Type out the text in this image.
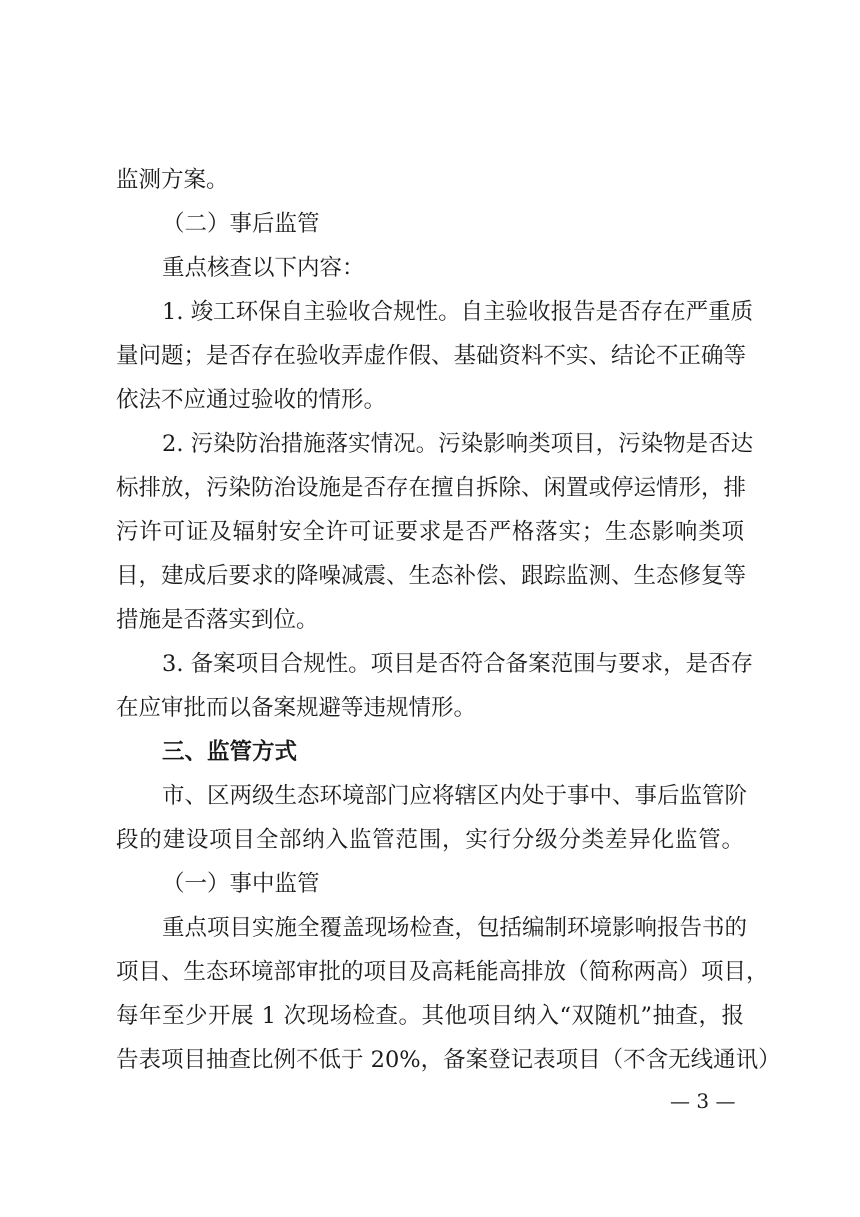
监测方案。
（二）事后监管
重点核查以下内容：
1. 竣工环保自主验收合规性。自主验收报告是否存在严重质
量问题；是否存在验收弄虚作假、基础资料不实、结论不正确等
依法不应通过验收的情形。
2. 污染防治措施落实情况。污染影响类项目，污染物是否达
标排放，污染防治设施是否存在擅自拆除、闲置或停运情形，排
污许可证及辐射安全许可证要求是否严格落实；生态影响类项
目，建成后要求的降噪减震、生态补偿、跟踪监测、生态修复等
措施是否落实到位。
3. 备案项目合规性。项目是否符合备案范围与要求，是否存
在应审批而以备案规避等违规情形。
三、监管方式
市、区两级生态环境部门应将辖区内处于事中、事后监管阶
段的建设项目全部纳入监管范围，实行分级分类差异化监管。
（一）事中监管
重点项目实施全覆盖现场检查，包括编制环境影响报告书的
项目、生态环境部审批的项目及高耗能高排放（简称两高）项目，
每年至少开展 1 次现场检查。其他项目纳入“双随机”抽查，报
告表项目抽查比例不低于 20%，备案登记表项目（不含无线通讯）
— 3 —
